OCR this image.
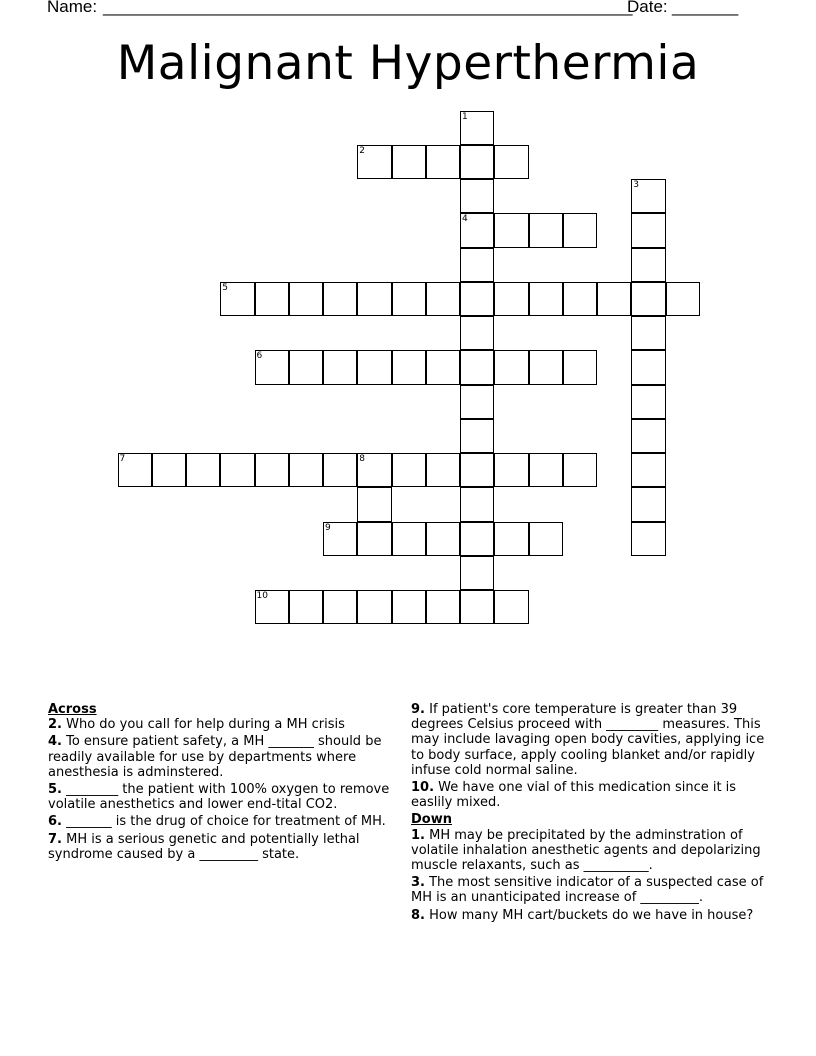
Name: ________________________________________________________
Date: _______
Malignant Hyperthermia
1
2
3
4
5
6
7	8
9
10
Across
2. Who do you call for help during a MH crisis
4. To ensure patient safety, a MH _______ should be readily available for use by departments where anesthesia is adminstered.
5. ________ the patient with 100% oxygen to remove volatile anesthetics and lower end-tital CO2.
6. _______ is the drug of choice for treatment of MH.
7. MH is a serious genetic and potentially lethal syndrome caused by a _________ state.
9. If patient's core temperature is greater than 39 degrees Celsius proceed with ________ measures. This may include lavaging open body cavities, applying ice to body surface, apply cooling blanket and/or rapidly infuse cold normal saline.
10. We have one vial of this medication since it is easlily mixed.
Down
1. MH may be precipitated by the adminstration of volatile inhalation anesthetic agents and depolarizing muscle relaxants, such as __________.
3. The most sensitive indicator of a suspected case of MH is an unanticipated increase of _________.
8. How many MH cart/buckets do we have in house?
